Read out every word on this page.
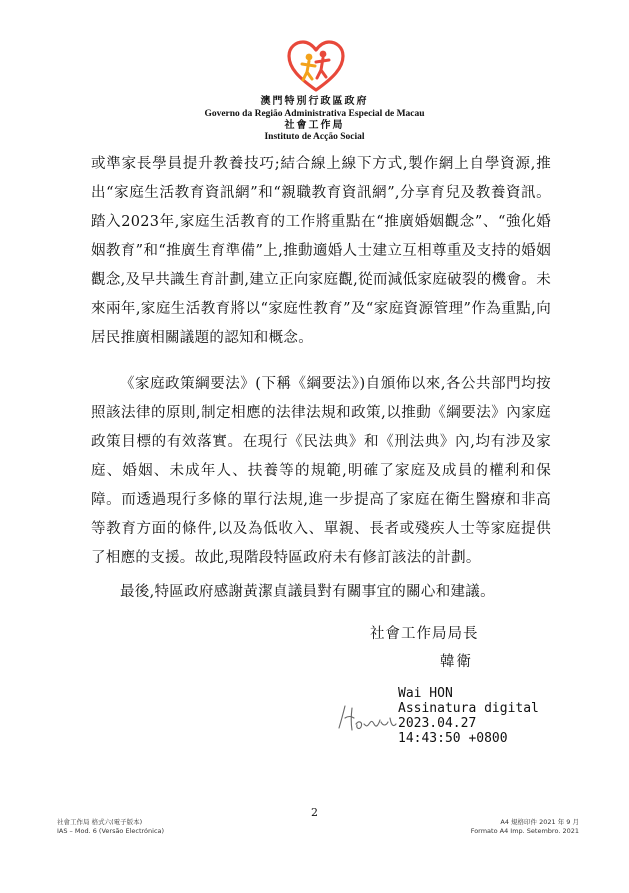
澳門特別行政區政府
Governo da Região Administrativa Especial de Macau
社會工作局
Instituto de Acção Social

或準家長學員提升教養技巧;結合線上線下方式,製作網上自學資源,推出“家庭生活教育資訊網”和“親職教育資訊網”,分享育兒及教養資訊。踏入2023年,家庭生活教育的工作將重點在“推廣婚姻觀念”、“強化婚姻教育”和“推廣生育準備”上,推動適婚人士建立互相尊重及支持的婚姻觀念,及早共識生育計劃,建立正向家庭觀,從而減低家庭破裂的機會。未來兩年,家庭生活教育將以“家庭性教育”及“家庭資源管理”作為重點,向居民推廣相關議題的認知和概念。

《家庭政策綱要法》(下稱《綱要法》)自頒佈以來,各公共部門均按照該法律的原則,制定相應的法律法規和政策,以推動《綱要法》內家庭政策目標的有效落實。在現行《民法典》和《刑法典》內,均有涉及家庭、婚姻、未成年人、扶養等的規範,明確了家庭及成員的權利和保障。而透過現行多條的單行法規,進一步提高了家庭在衛生醫療和非高等教育方面的條件,以及為低收入、單親、長者或殘疾人士等家庭提供了相應的支援。故此,現階段特區政府未有修訂該法的計劃。

最後,特區政府感謝黃潔貞議員對有關事宜的關心和建議。

社會工作局局長
韓衛
Wai HON
Assinatura digital
2023.04.27
14:43:50 +0800
2
社會工作局 格式六(電子版本)
IAS – Mod. 6 (Versão Electrónica)
A4 規格印件 2021 年 9 月
Formato A4 Imp. Setembro. 2021
